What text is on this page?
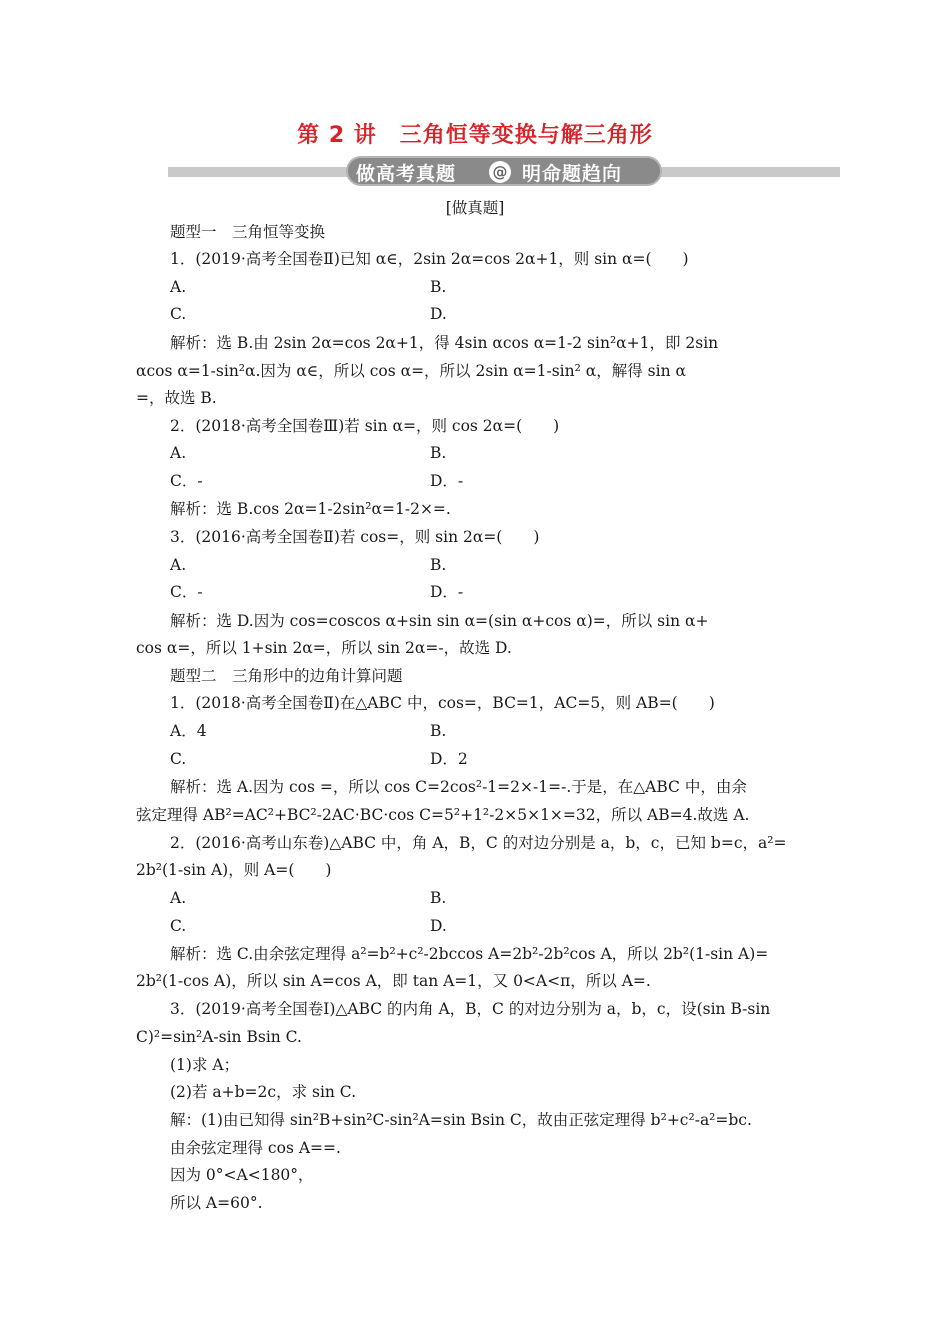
第 2 讲　三角恒等变换与解三角形
做高考真题 @ 明命题趋向
[做真题]
题型一　三角恒等变换
1．(2019·高考全国卷Ⅱ)已知 α∈，2sin 2α=cos 2α+1，则 sin α=(　　)
A.	B.
C.	D.
解析：选 B.由 2sin 2α=cos 2α+1，得 4sin αcos α=1-2 sin²α+1，即 2sin
αcos α=1-sin²α.因为 α∈，所以 cos α=，所以 2sin α=1-sin² α，解得 sin α
=，故选 B.
2．(2018·高考全国卷Ⅲ)若 sin α=，则 cos 2α=(　　)
A.	B.
C．-	D．-
解析：选 B.cos 2α=1-2sin²α=1-2×=.
3．(2016·高考全国卷Ⅱ)若 cos=，则 sin 2α=(　　)
A.	B.
C．-	D．-
解析：选 D.因为 cos=coscos α+sin sin α=(sin α+cos α)=，所以 sin α+
cos α=，所以 1+sin 2α=，所以 sin 2α=-，故选 D.
题型二　三角形中的边角计算问题
1．(2018·高考全国卷Ⅱ)在△ABC 中，cos=，BC=1，AC=5，则 AB=(　　)
A．4	B.
C.	D．2
解析：选 A.因为 cos =，所以 cos C=2cos²-1=2×-1=-.于是，在△ABC 中，由余
弦定理得 AB²=AC²+BC²-2AC·BC·cos C=5²+1²-2×5×1×=32，所以 AB=4.故选 A.
2．(2016·高考山东卷)△ABC 中，角 A，B，C 的对边分别是 a，b，c，已知 b=c，a²=
2b²(1-sin A)，则 A=(　　)
A.	B.
C.	D.
解析：选 C.由余弦定理得 a²=b²+c²-2bccos A=2b²-2b²cos A，所以 2b²(1-sin A)=
2b²(1-cos A)，所以 sin A=cos A，即 tan A=1，又 0<A<π，所以 A=.
3．(2019·高考全国卷Ⅰ)△ABC 的内角 A，B，C 的对边分别为 a，b，c，设(sin B-sin
C)²=sin²A-sin Bsin C.
(1)求 A；
(2)若 a+b=2c，求 sin C.
解：(1)由已知得 sin²B+sin²C-sin²A=sin Bsin C，故由正弦定理得 b²+c²-a²=bc.
由余弦定理得 cos A==.
因为 0°<A<180°，
所以 A=60°.
